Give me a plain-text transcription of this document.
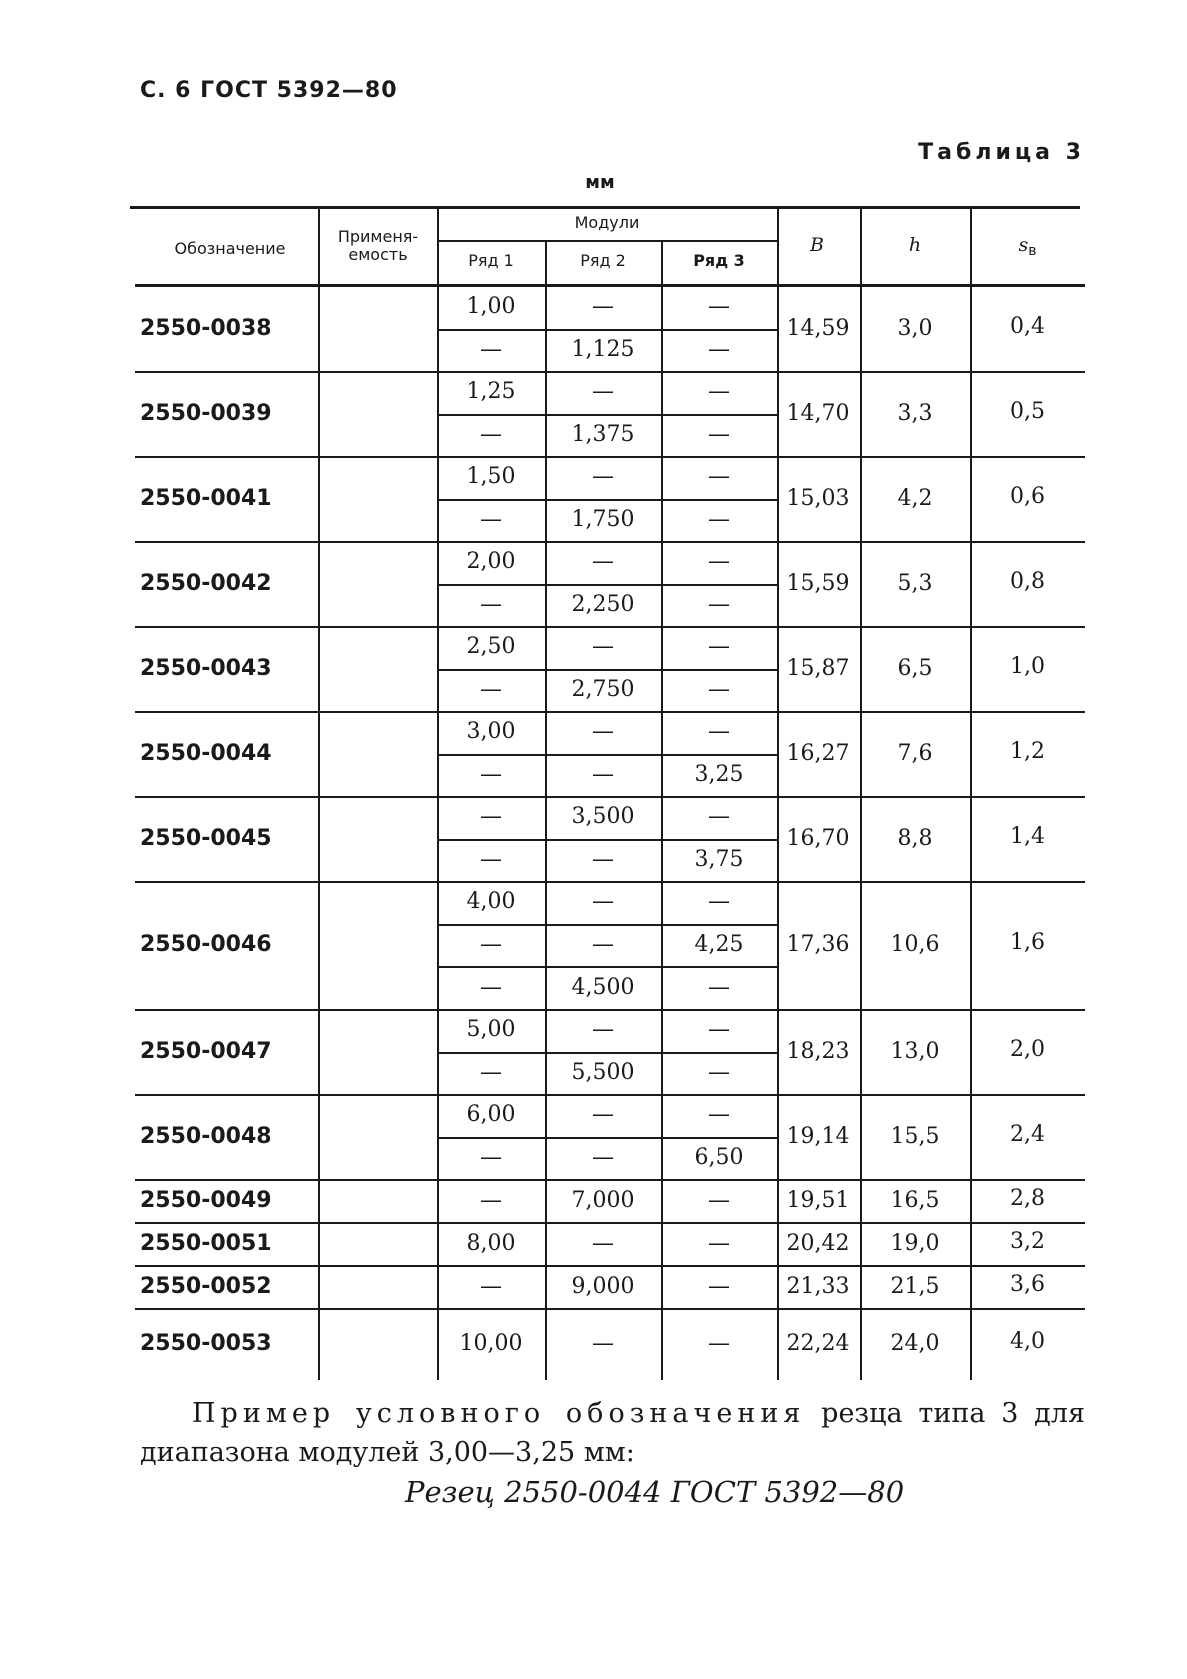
С. 6 ГОСТ 5392—80
Таблица 3
мм
Обозначение
Применя-
емость
Модули
Ряд 1	Ряд 2	Ряд 3
B	h	$s_в$
2550-0038	14,59	3,0	0,4
1,00	—	—
—	1,125	—
2550-0039	14,70	3,3	0,5
1,25	—	—
—	1,375	—
2550-0041	15,03	4,2	0,6
1,50	—	—
—	1,750	—
2550-0042	15,59	5,3	0,8
2,00	—	—
—	2,250	—
2550-0043	15,87	6,5	1,0
2,50	—	—
—	2,750	—
2550-0044	16,27	7,6	1,2
3,00	—	—
—	—	3,25
2550-0045	16,70	8,8	1,4
—	3,500	—
—	—	3,75
2550-0046	17,36	10,6	1,6
4,00	—	—
—	—	4,25
—	4,500	—
2550-0047	18,23	13,0	2,0
5,00	—	—
—	5,500	—
2550-0048	19,14	15,5	2,4
6,00	—	—
—	—	6,50
2550-0049	19,51	16,5	2,8
—	7,000	—
2550-0051	20,42	19,0	3,2
8,00	—	—
2550-0052	21,33	21,5	3,6
—	9,000	—
2550-0053	22,24	24,0	4,0
10,00	—	—
Пример условного обозначения резца типа 3 для
диапазона модулей 3,00—3,25 мм:
Резец 2550-0044 ГОСТ 5392—80
